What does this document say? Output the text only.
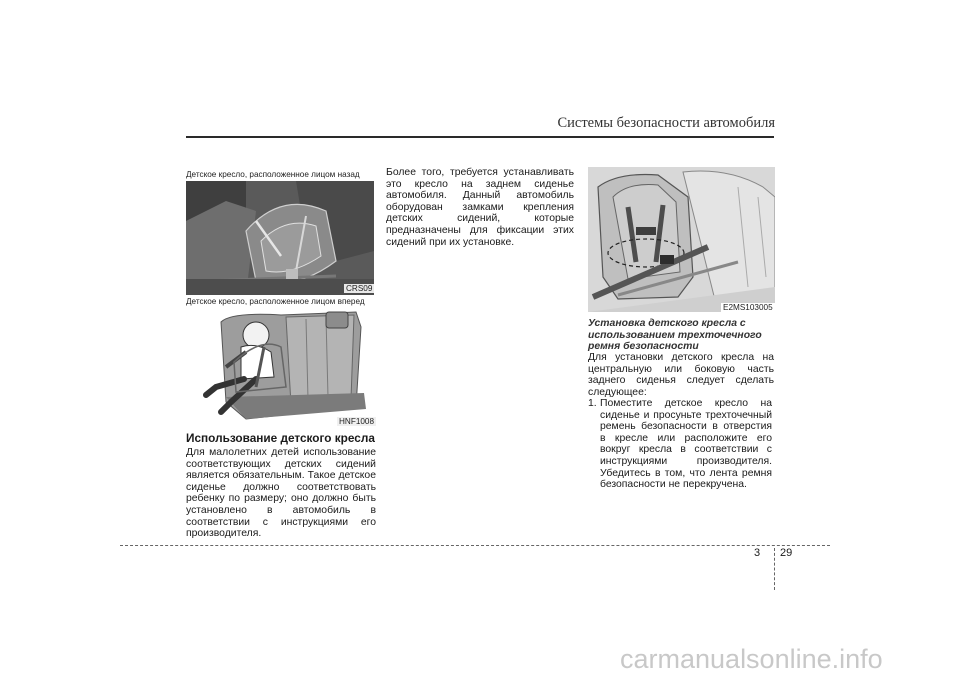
Системы безопасности автомобиля
Детское кресло, расположенное лицом назад
CRS09
Детское кресло, расположенное лицом вперед
HNF1008
Использование детского кресла
Для малолетних детей использование соответствующих детских сидений является обязательным. Такое детское сиденье должно соответствовать ребенку по размеру; оно должно быть установлено в автомобиль в соответствии с инструкциями его производителя.
Более того, требуется устанавливать это кресло на заднем сиденье автомобиля. Данный автомобиль оборудован замками крепления детских сидений, которые предназначены для фиксации этих сидений при их установке.
E2MS103005
Установка детского кресла с использованием трехточечного ремня безопасности
Для установки детского кресла на центральную или боковую часть заднего сиденья следует сделать следующее:
1. Поместите детское кресло на сиденье и просуньте трехточечный ремень безопасности в отверстия в кресле или расположите его вокруг кресла в соответствии с инструкциями производителя. Убедитесь в том, что лента ремня безопасности не перекручена.
3 29
carmanualsonline.info
